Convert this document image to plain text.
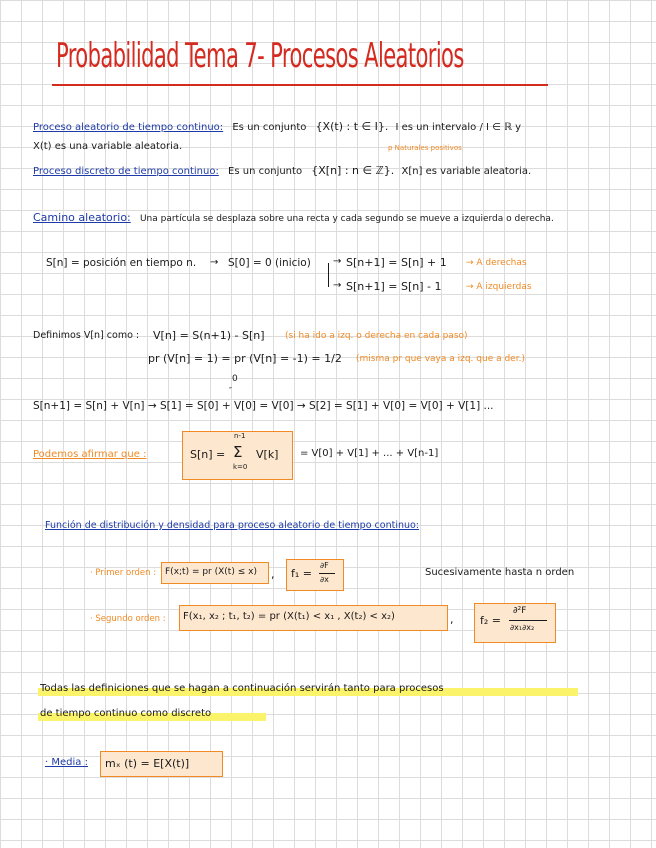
Probabilidad Tema 7- Procesos Aleatorios
Proceso aleatorio de tiempo continuo: Es un conjunto {X(t) : t ∈ I}. I es un intervalo / I ∈ ℝ y
X(t) es una variable aleatoria.	p Naturales positivos
Proceso discreto de tiempo continuo: Es un conjunto {X[n] : n ∈ ℤ}. X[n] es variable aleatoria.
Camino aleatorio: Una partícula se desplaza sobre una recta y cada segundo se mueve a izquierda o derecha.
S[n] = posición en tiempo n. → S[0] = 0 (inicio) →
→
S[n+1] = S[n] + 1 → A derechas
S[n+1] = S[n] - 1	→ A izquierdas
Definimos V[n] como : V[n] = S(n+1) - S[n] (si ha ido a izq. o derecha en cada paso)
pr (V[n] = 1) = pr (V[n] = -1) = 1/2 (misma pr que vaya a izq. que a der.)
0
″
S[n+1] = S[n] + V[n] → S[1] = S[0] + V[0] = V[0] → S[2] = S[1] + V[0] = V[0] + V[1] ...
Podemos afirmar que :	S[n] =
n-1
Σ
k=0
V[k] = V[0] + V[1] + ... + V[n-1]
Función de distribución y densidad para proceso aleatorio de tiempo continuo:
· Primer orden : F(x;t) = pr (X(t) ≤ x) , f₁ =
∂F
∂x
Sucesivamente hasta n orden
· Segundo orden : F(x₁, x₂ ; t₁, t₂) = pr (X(t₁) < x₁ , X(t₂) < x₂)	, f₂ =
∂²F
∂x₁∂x₂
Todas las definiciones que se hagan a continuación servirán tanto para procesos
de tiempo continuo como discreto
· Media : mₓ (t) = E[X(t)]
